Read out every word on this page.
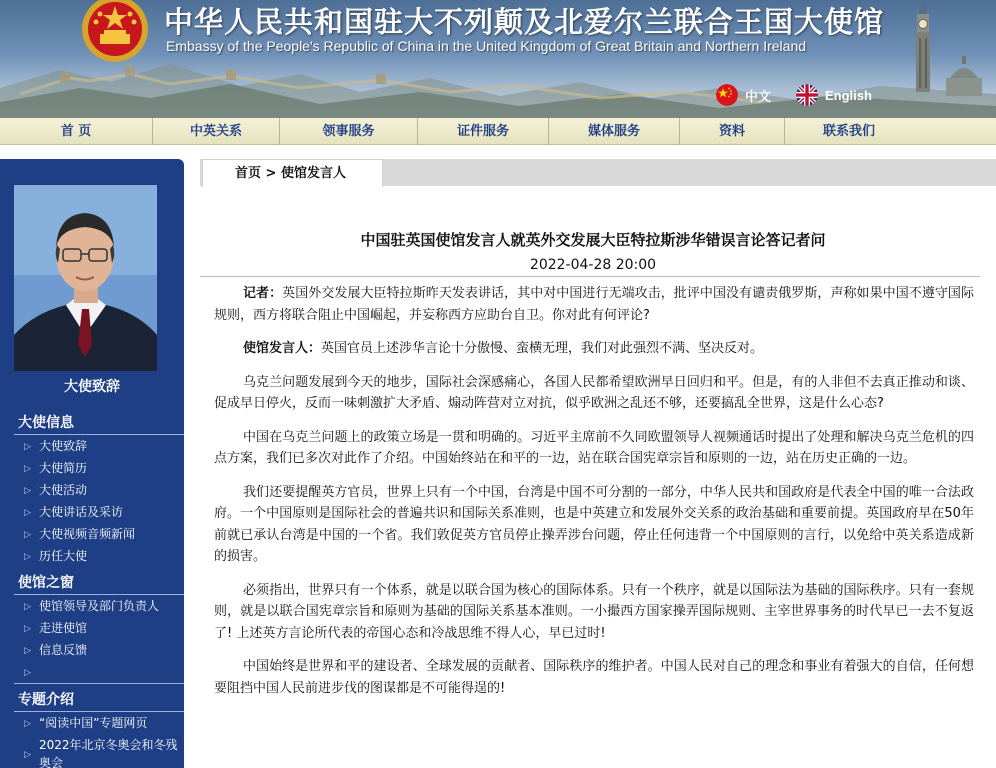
中华人民共和国驻大不列颠及北爱尔兰联合王国大使馆
Embassy of the People's Republic of China in the United Kingdom of Great Britain and Northern Ireland
中文	English
首 页	中英关系	领事服务	证件服务	媒体服务	资料	联系我们
大使致辞
大使信息
▷ 大使致辞
▷ 大使简历
▷ 大使活动
▷ 大使讲话及采访
▷ 大使视频音频新闻
▷ 历任大使
使馆之窗
▷ 使馆领导及部门负责人
▷ 走进使馆
▷ 信息反馈
▷
专题介绍
▷ “阅读中国”专题网页
▷
2022年北京冬奥会和冬残奥会
首页 > 使馆发言人
中国驻英国使馆发言人就英外交发展大臣特拉斯涉华错误言论答记者问
2022-04-28 20:00

记者：英国外交发展大臣特拉斯昨天发表讲话，其中对中国进行无端攻击，批评中国没有谴责俄罗斯，声称如果中国不遵守国际规则，西方将联合阻止中国崛起，并妄称西方应助台自卫。你对此有何评论?

使馆发言人：英国官员上述涉华言论十分傲慢、蛮横无理，我们对此强烈不满、坚决反对。

乌克兰问题发展到今天的地步，国际社会深感痛心，各国人民都希望欧洲早日回归和平。但是，有的人非但不去真正推动和谈、促成早日停火，反而一味刺激扩大矛盾、煽动阵营对立对抗，似乎欧洲之乱还不够，还要搞乱全世界，这是什么心态?

中国在乌克兰问题上的政策立场是一贯和明确的。习近平主席前不久同欧盟领导人视频通话时提出了处理和解决乌克兰危机的四点方案，我们已多次对此作了介绍。中国始终站在和平的一边，站在联合国宪章宗旨和原则的一边，站在历史正确的一边。

我们还要提醒英方官员，世界上只有一个中国，台湾是中国不可分割的一部分，中华人民共和国政府是代表全中国的唯一合法政府。一个中国原则是国际社会的普遍共识和国际关系准则，也是中英建立和发展外交关系的政治基础和重要前提。英国政府早在50年前就已承认台湾是中国的一个省。我们敦促英方官员停止操弄涉台问题，停止任何违背一个中国原则的言行，以免给中英关系造成新的损害。

必须指出，世界只有一个体系，就是以联合国为核心的国际体系。只有一个秩序，就是以国际法为基础的国际秩序。只有一套规则，就是以联合国宪章宗旨和原则为基础的国际关系基本准则。一小撮西方国家操弄国际规则、主宰世界事务的时代早已一去不复返了! 上述英方言论所代表的帝国心态和冷战思维不得人心，早已过时!

中国始终是世界和平的建设者、全球发展的贡献者、国际秩序的维护者。中国人民对自己的理念和事业有着强大的自信，任何想要阻挡中国人民前进步伐的图谋都是不可能得逞的!
